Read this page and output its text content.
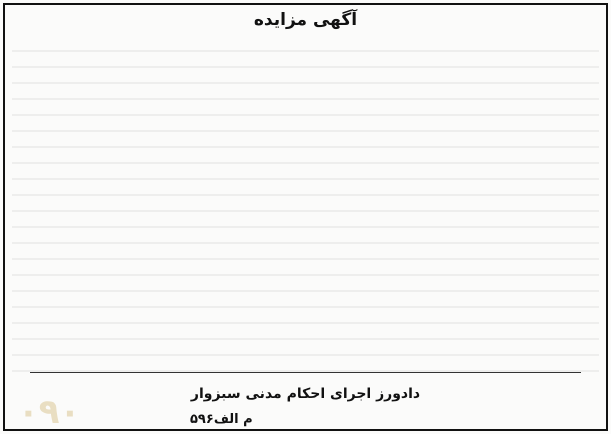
آگهی مزایده
دادورز اجرای احکام مدنی سبزوار
م الف۵۹۶
۰۹۰
